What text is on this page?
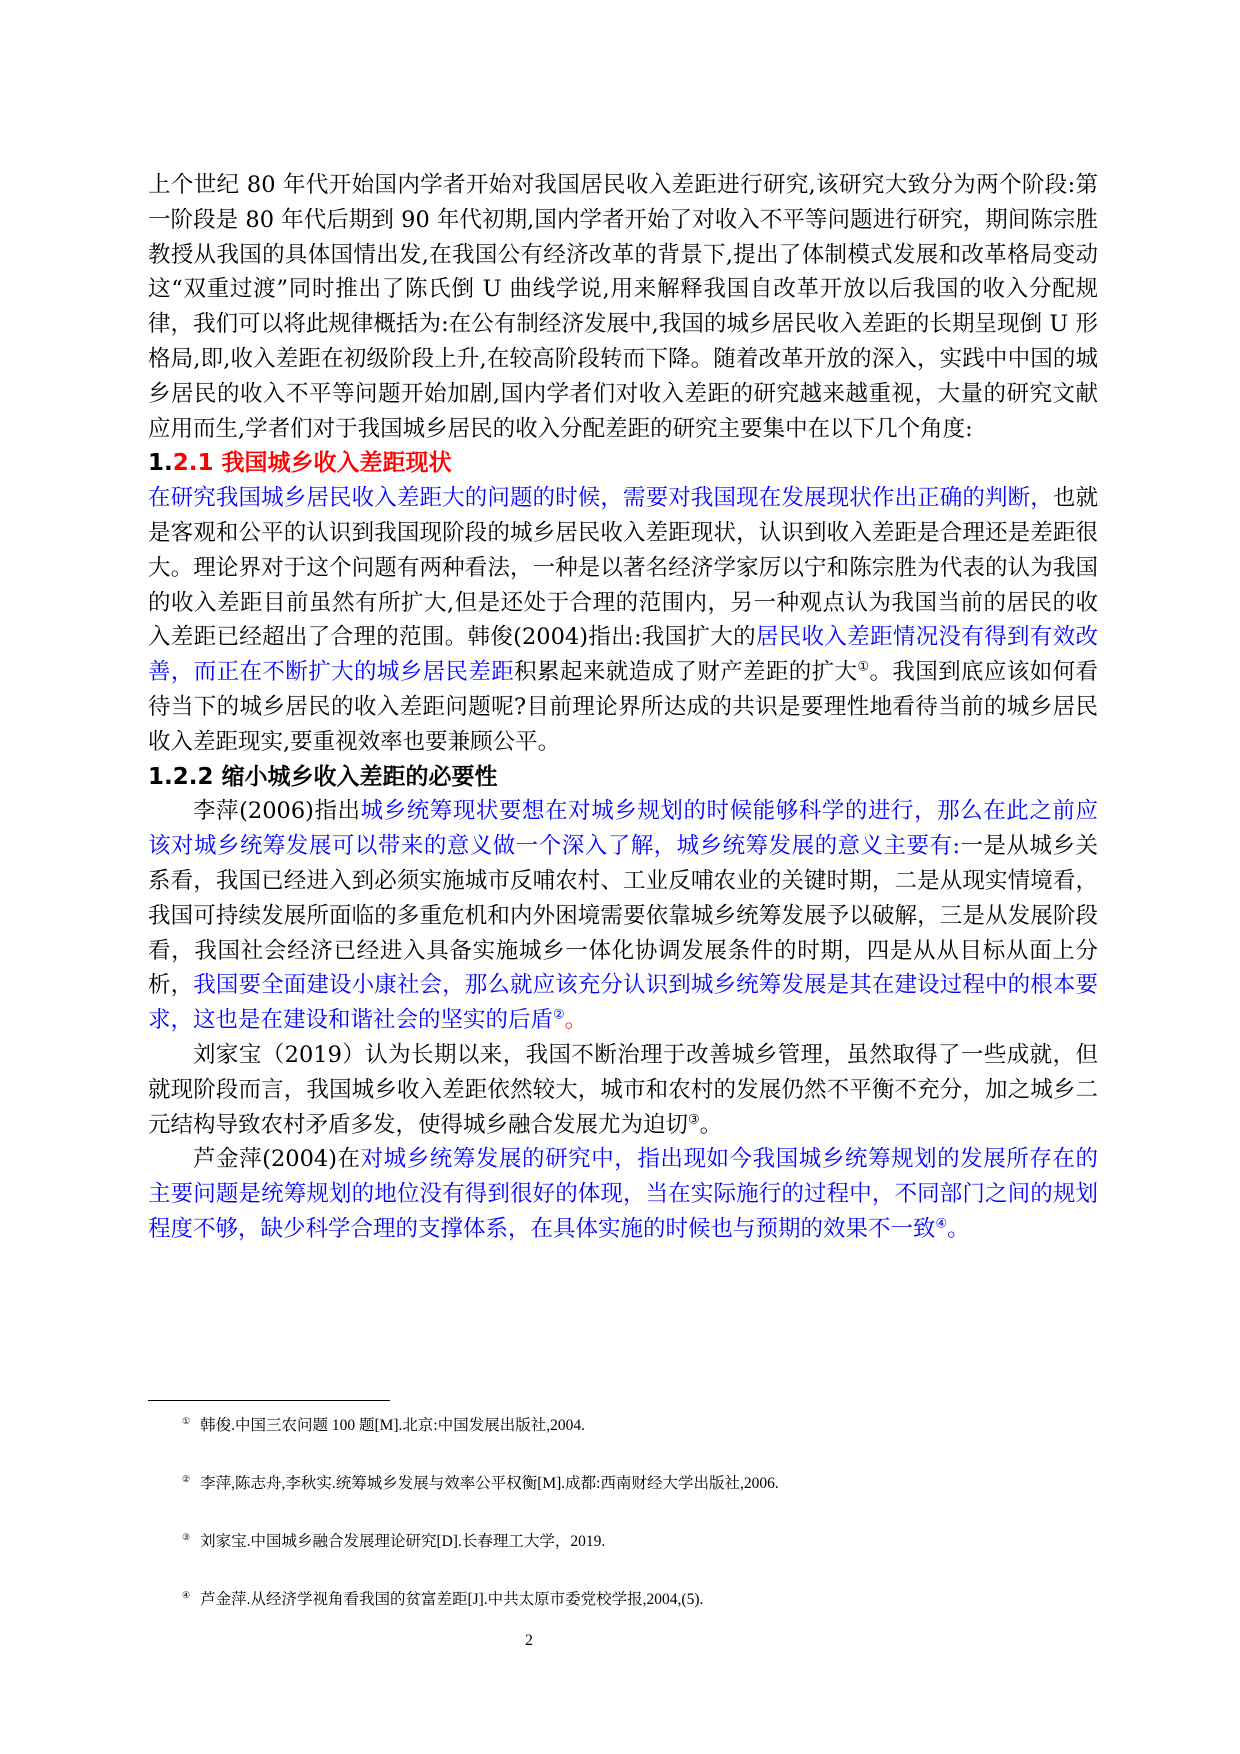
上个世纪 80 年代开始国内学者开始对我国居民收入差距进行研究,该研究大致分为两个阶段:第一阶段是 80 年代后期到 90 年代初期,国内学者开始了对收入不平等问题进行研究，期间陈宗胜教授从我国的具体国情出发,在我国公有经济改革的背景下,提出了体制模式发展和改革格局变动这“双重过渡”同时推出了陈氏倒 U 曲线学说,用来解释我国自改革开放以后我国的收入分配规律，我们可以将此规律概括为:在公有制经济发展中,我国的城乡居民收入差距的长期呈现倒 U 形格局,即,收入差距在初级阶段上升,在较高阶段转而下降。随着改革开放的深入，实践中中国的城乡居民的收入不平等问题开始加剧,国内学者们对收入差距的研究越来越重视，大量的研究文献应用而生,学者们对于我国城乡居民的收入分配差距的研究主要集中在以下几个角度:

1.2.1 我国城乡收入差距现状

在研究我国城乡居民收入差距大的问题的时候，需要对我国现在发展现状作出正确的判断，也就是客观和公平的认识到我国现阶段的城乡居民收入差距现状，认识到收入差距是合理还是差距很大。理论界对于这个问题有两种看法，一种是以著名经济学家厉以宁和陈宗胜为代表的认为我国的收入差距目前虽然有所扩大,但是还处于合理的范围内，另一种观点认为我国当前的居民的收入差距已经超出了合理的范围。韩俊(2004)指出:我国扩大的居民收入差距情况没有得到有效改善，而正在不断扩大的城乡居民差距积累起来就造成了财产差距的扩大①。我国到底应该如何看待当下的城乡居民的收入差距问题呢?目前理论界所达成的共识是要理性地看待当前的城乡居民收入差距现实,要重视效率也要兼顾公平。

1.2.2 缩小城乡收入差距的必要性

李萍(2006)指出城乡统筹现状要想在对城乡规划的时候能够科学的进行，那么在此之前应该对城乡统筹发展可以带来的意义做一个深入了解，城乡统筹发展的意义主要有:一是从城乡关系看，我国已经进入到必须实施城市反哺农村、工业反哺农业的关键时期，二是从现实情境看，我国可持续发展所面临的多重危机和内外困境需要依靠城乡统筹发展予以破解，三是从发展阶段看，我国社会经济已经进入具备实施城乡一体化协调发展条件的时期，四是从从目标从面上分析，我国要全面建设小康社会，那么就应该充分认识到城乡统筹发展是其在建设过程中的根本要求，这也是在建设和谐社会的坚实的后盾②。

刘家宝（2019）认为长期以来，我国不断治理于改善城乡管理，虽然取得了一些成就，但就现阶段而言，我国城乡收入差距依然较大，城市和农村的发展仍然不平衡不充分，加之城乡二元结构导致农村矛盾多发，使得城乡融合发展尤为迫切③。

芦金萍(2004)在对城乡统筹发展的研究中，指出现如今我国城乡统筹规划的发展所存在的主要问题是统筹规划的地位没有得到很好的体现，当在实际施行的过程中，不同部门之间的规划程度不够，缺少科学合理的支撑体系，在具体实施的时候也与预期的效果不一致④。

① 韩俊.中国三农问题 100 题[M].北京:中国发展出版社,2004.

② 李萍,陈志舟,李秋实.统筹城乡发展与效率公平权衡[M].成都:西南财经大学出版社,2006.

③ 刘家宝.中国城乡融合发展理论研究[D].长春理工大学，2019.

④ 芦金萍.从经济学视角看我国的贫富差距[J].中共太原市委党校学报,2004,(5).

2
